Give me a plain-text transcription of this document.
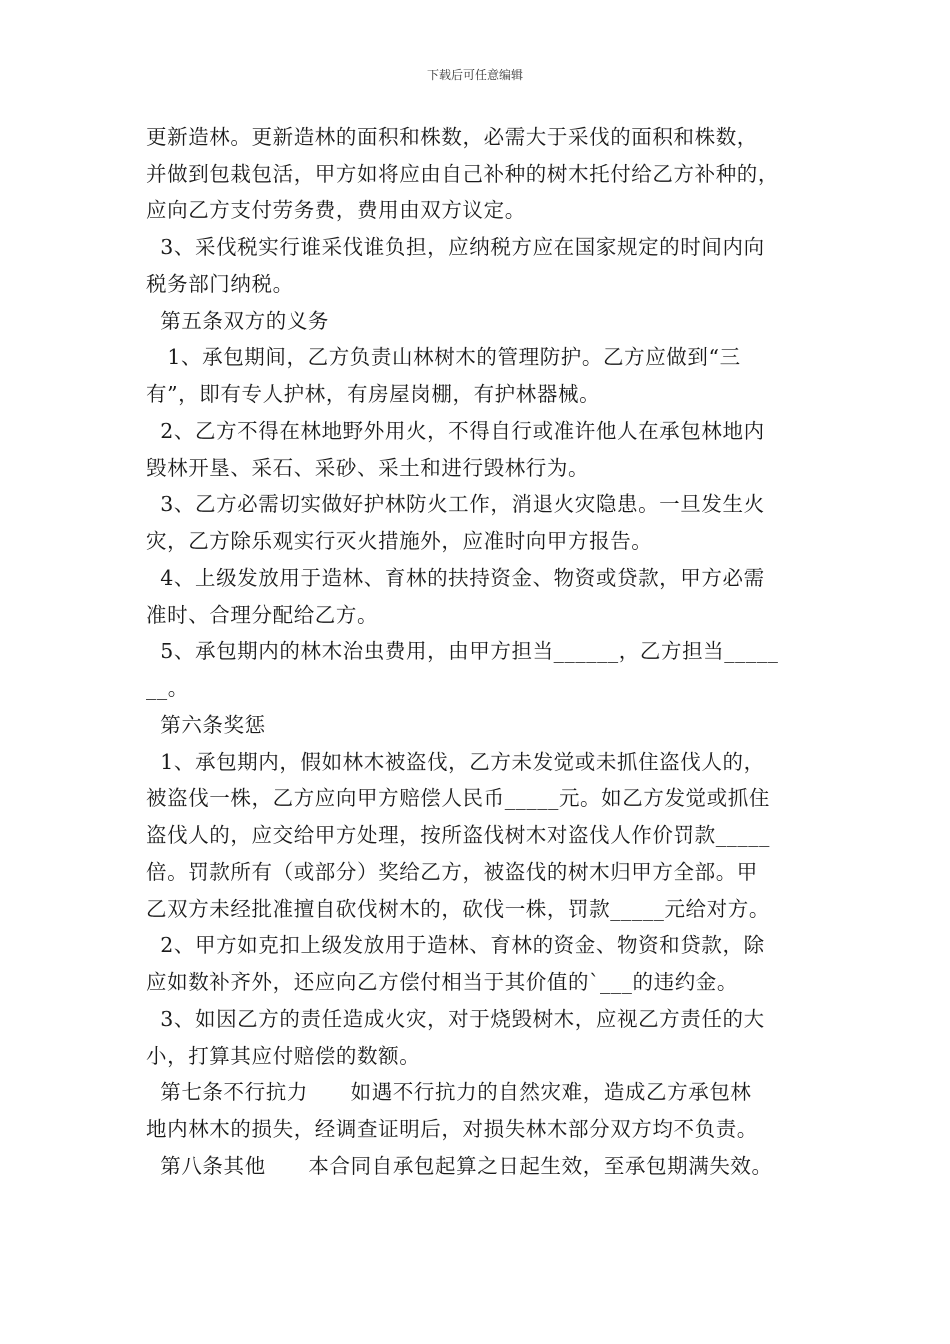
下载后可任意编辑
更新造林。更新造林的面积和株数，必需大于采伐的面积和株数，
并做到包栽包活，甲方如将应由自己补种的树木托付给乙方补种的，
应向乙方支付劳务费，费用由双方议定。
3、采伐税实行谁采伐谁负担，应纳税方应在国家规定的时间内向
税务部门纳税。
第五条双方的义务
1、承包期间，乙方负责山林树木的管理防护。乙方应做到“三
有”，即有专人护林，有房屋岗棚，有护林器械。
2、乙方不得在林地野外用火，不得自行或准许他人在承包林地内
毁林开垦、采石、采砂、采土和进行毁林行为。
3、乙方必需切实做好护林防火工作，消退火灾隐患。一旦发生火
灾，乙方除乐观实行灭火措施外，应准时向甲方报告。
4、上级发放用于造林、育林的扶持资金、物资或贷款，甲方必需
准时、合理分配给乙方。
5、承包期内的林木治虫费用，由甲方担当______，乙方担当_____
__。
第六条奖惩
1、承包期内，假如林木被盗伐，乙方未发觉或未抓住盗伐人的，
被盗伐一株，乙方应向甲方赔偿人民币_____元。如乙方发觉或抓住
盗伐人的，应交给甲方处理，按所盗伐树木对盗伐人作价罚款_____
倍。罚款所有（或部分）奖给乙方，被盗伐的树木归甲方全部。甲
乙双方未经批准擅自砍伐树木的，砍伐一株，罚款_____元给对方。
2、甲方如克扣上级发放用于造林、育林的资金、物资和贷款，除
应如数补齐外，还应向乙方偿付相当于其价值的`___的违约金。
3、如因乙方的责任造成火灾，对于烧毁树木，应视乙方责任的大
小，打算其应付赔偿的数额。
第七条不行抗力      如遇不行抗力的自然灾难，造成乙方承包林
地内林木的损失，经调查证明后，对损失林木部分双方均不负责。
第八条其他      本合同自承包起算之日起生效，至承包期满失效。
